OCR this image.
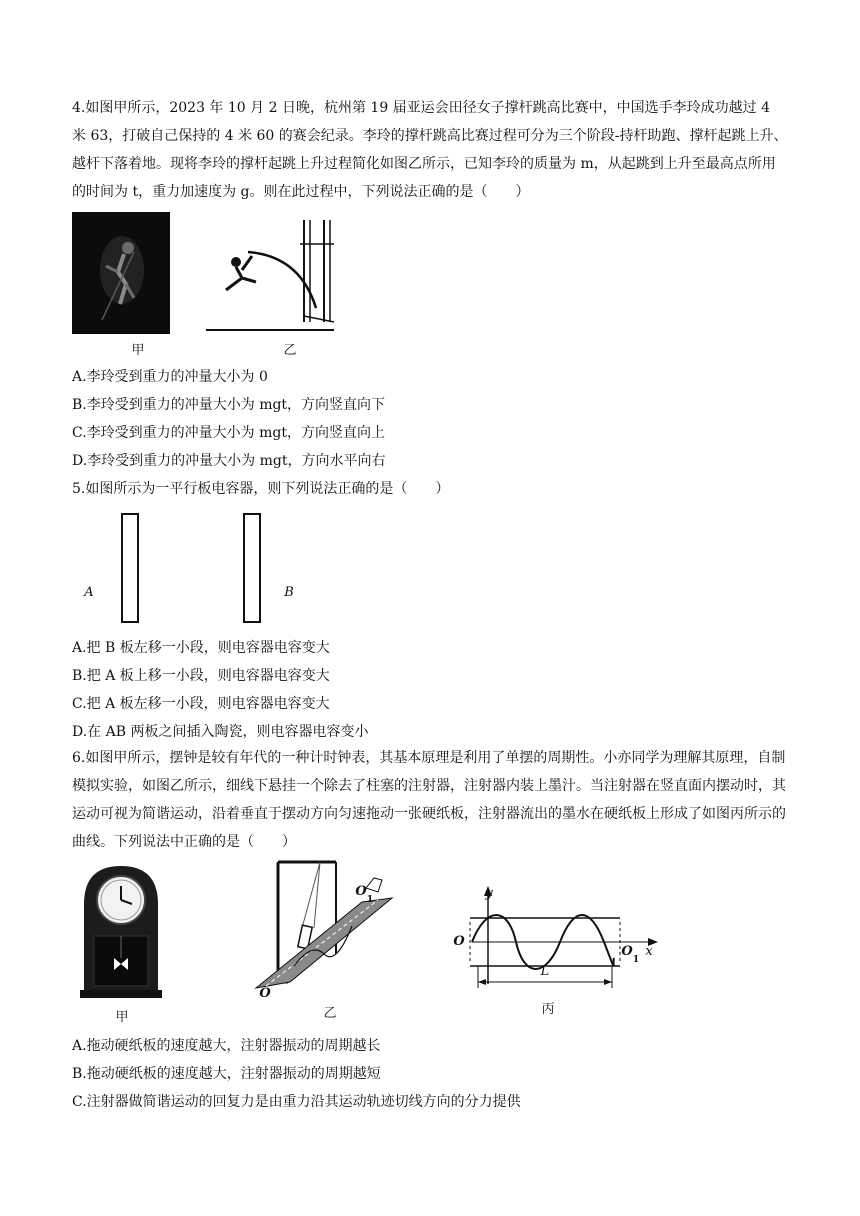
4.如图甲所示，2023 年 10 月 2 日晚，杭州第 19 届亚运会田径女子撑杆跳高比赛中，中国选手李玲成功越过 4 米 63，打破自己保持的 4 米 60 的赛会纪录。李玲的撑杆跳高比赛过程可分为三个阶段-持杆助跑、撑杆起跳上升、越杆下落着地。现将李玲的撑杆起跳上升过程简化如图乙所示，已知李玲的质量为 m，从起跳到上升至最高点所用的时间为 t，重力加速度为 g。则在此过程中，下列说法正确的是（　　）

甲	乙
A.李玲受到重力的冲量大小为 0
B.李玲受到重力的冲量大小为 mgt，方向竖直向下
C.李玲受到重力的冲量大小为 mgt，方向竖直向上
D.李玲受到重力的冲量大小为 mgt，方向水平向右
5.如图所示为一平行板电容器，则下列说法正确的是（　　）
A	B
A.把 B 板左移一小段，则电容器电容变大
B.把 A 板上移一小段，则电容器电容变大
C.把 A 板左移一小段，则电容器电容变大
D.在 AB 两板之间插入陶瓷，则电容器电容变小

6.如图甲所示，摆钟是较有年代的一种计时钟表，其基本原理是利用了单摆的周期性。小亦同学为理解其原理，自制模拟实验，如图乙所示，细线下悬挂一个除去了柱塞的注射器，注射器内装上墨汁。当注射器在竖直面内摆动时，其运动可视为简谐运动，沿着垂直于摆动方向匀速拖动一张硬纸板，注射器流出的墨水在硬纸板上形成了如图丙所示的曲线。下列说法中正确的是（　　）

甲
O
O
1
乙
y
O
O
1
x
L
丙
A.拖动硬纸板的速度越大，注射器振动的周期越长
B.拖动硬纸板的速度越大，注射器振动的周期越短
C.注射器做简谐运动的回复力是由重力沿其运动轨迹切线方向的分力提供
